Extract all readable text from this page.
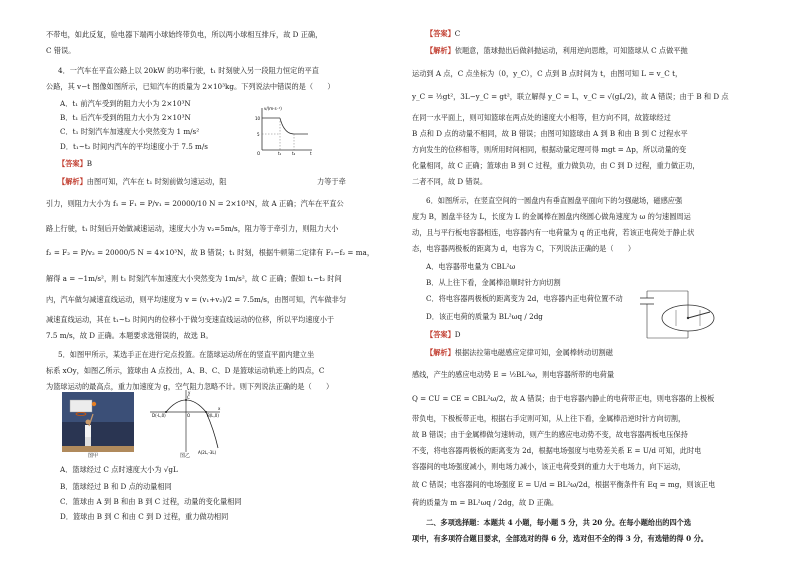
不带电，如此反复，验电器下端两小球始终带负电，所以两小球相互排斥，故 D 正确，
C 错误。
4．一汽车在平直公路上以 20kW 的功率行驶，t₁ 时刻驶入另一段阻力恒定的平直
公路，其 v−t 图像如图所示，已知汽车的质量为 2×10³kg。下列说法中错误的是（　　）
A．t₁ 前汽车受到的阻力大小为 2×10³N
B．t₁ 后汽车受到的阻力大小为 2×10³N
C．t₁ 时刻汽车加速度大小突然变为 1 m/s²
D．t₁~t₂ 时间内汽车的平均速度小于 7.5 m/s
v/(m·s⁻¹)
10
5
O	t₁	t₂	t
【答案】B
【解析】由图可知，汽车在 t₁ 时刻前做匀速运动，阻	力等于牵
引力，则阻力大小为 f₁ = F₁ = P/v₁ = 20000/10 N = 2×10³N，故 A 正确；汽车在平直公
路上行驶，t₁ 时刻后开始做减速运动，速度大小为 v₂=5m/s，阻力等于牵引力，则阻力大小
f₂ = F₂ = P/v₂ = 20000/5 N = 4×10³N，故 B 错误；t₁ 时刻，根据牛顿第二定律有 F₁−f₂ = ma，
解得 a = −1m/s²，则 t₁ 时刻汽车加速度大小突然变为 1m/s²，故 C 正确；假如 t₁~t₂ 时间
内，汽车做匀减速直线运动，则平均速度为 v = (v₁+v₂)/2 = 7.5m/s，由图可知，汽车做非匀
减速直线运动，其在 t₁~t₂ 时间内的位移小于做匀变速直线运动的位移，所以平均速度小于
7.5 m/s，故 D 正确。本题要求选错误的，故选 B。
5．如图甲所示，某选手正在进行定点投篮。在篮球运动所在的竖直平面内建立坐
标系 xOy，如图乙所示，篮球由 A 点投出，A、B、C、D 是篮球运动轨迹上的四点，C
为篮球运动的最高点，重力加速度为 g，空气阻力忽略不计。则下列说法正确的是（　　）
图甲
y
x
O	B(L,0)
C
D(-L,0)
A(2L,-3L)
图乙
A．篮球经过 C 点时速度大小为 √gL
B．篮球经过 B 和 D 点的动量相同
C．篮球由 A 到 B 和由 B 到 C 过程，动量的变化量相同
D．篮球由 B 到 C 和由 C 到 D 过程，重力做功相同
【答案】C
【解析】依题意，篮球抛出后做斜抛运动，利用逆向思维，可知篮球从 C 点做平抛
运动到 A 点，C 点坐标为（0，y_C），C 点到 B 点时间为 t，由图可知 L = v_C t，
y_C = ½gt²，3L−y_C = gt²，联立解得 y_C = L，v_C = √(gL/2)，故 A 错误；由于 B 和 D 点
在同一水平面上，则可知篮球在两点处的速度大小相等，但方向不同，故篮球经过
B 点和 D 点的动量不相同，故 B 错误；由图可知篮球由 A 到 B 和由 B 到 C 过程水平
方向发生的位移相等，则所用时间相同，根据动量定理可得 mgt = Δp，所以动量的变
化量相同，故 C 正确；篮球由 B 到 C 过程，重力做负功，由 C 到 D 过程，重力做正功，
二者不同，故 D 错误。
6．如图所示，在竖直空间的一圆盘内有垂直圆盘平面向下的匀强磁场，磁感应强
度为 B，圆盘半径为 L，长度为 L 的金属棒在圆盘内绕圆心做角速度为 ω 的匀速圆周运
动，且与平行板电容器相连，电容器内有一电荷量为 q 的正电荷，若该正电荷处于静止状
态，电容器两极板的距离为 d，电容为 C，下列说法正确的是（　　）
A．电容器带电量为 CBL²ω
B．从上往下看，金属棒沿顺时针方向切割
C．将电容器两极板的距离变为 2d，电容器内正电荷位置不动
D．该正电荷的质量为 BL²ωq / 2dg
【答案】D
【解析】根据法拉第电磁感应定律可知，金属棒转动切割磁
感线，产生的感应电动势 E = ½BL²ω，则电容器所带的电荷量
Q = CU = CE = CBL²ω/2，故 A 错误；由于电容器内静止的电荷带正电，则电容器的上极板
带负电，下极板带正电，根据右手定则可知，从上往下看，金属棒沿逆时针方向切割，
故 B 错误；由于金属棒做匀速转动，则产生的感应电动势不变，故电容器两板电压保持
不变，将电容器两极板的距离变为 2d，根据电场强度与电势差关系 E = U/d 可知，此时电
容器间的电场强度减小，则电场力减小，该正电荷受到的重力大于电场力，向下运动，
故 C 错误；电容器间的电场强度 E = U/d = BL²ω/2d，根据平衡条件有 Eq = mg，则该正电
荷的质量为 m = BL²ωq / 2dg，故 D 正确。
二、多项选择题：本题共 4 小题，每小题 5 分，共 20 分。在每小题给出的四个选
项中，有多项符合题目要求，全部选对的得 6 分，选对但不全的得 3 分，有选错的得 0 分。
